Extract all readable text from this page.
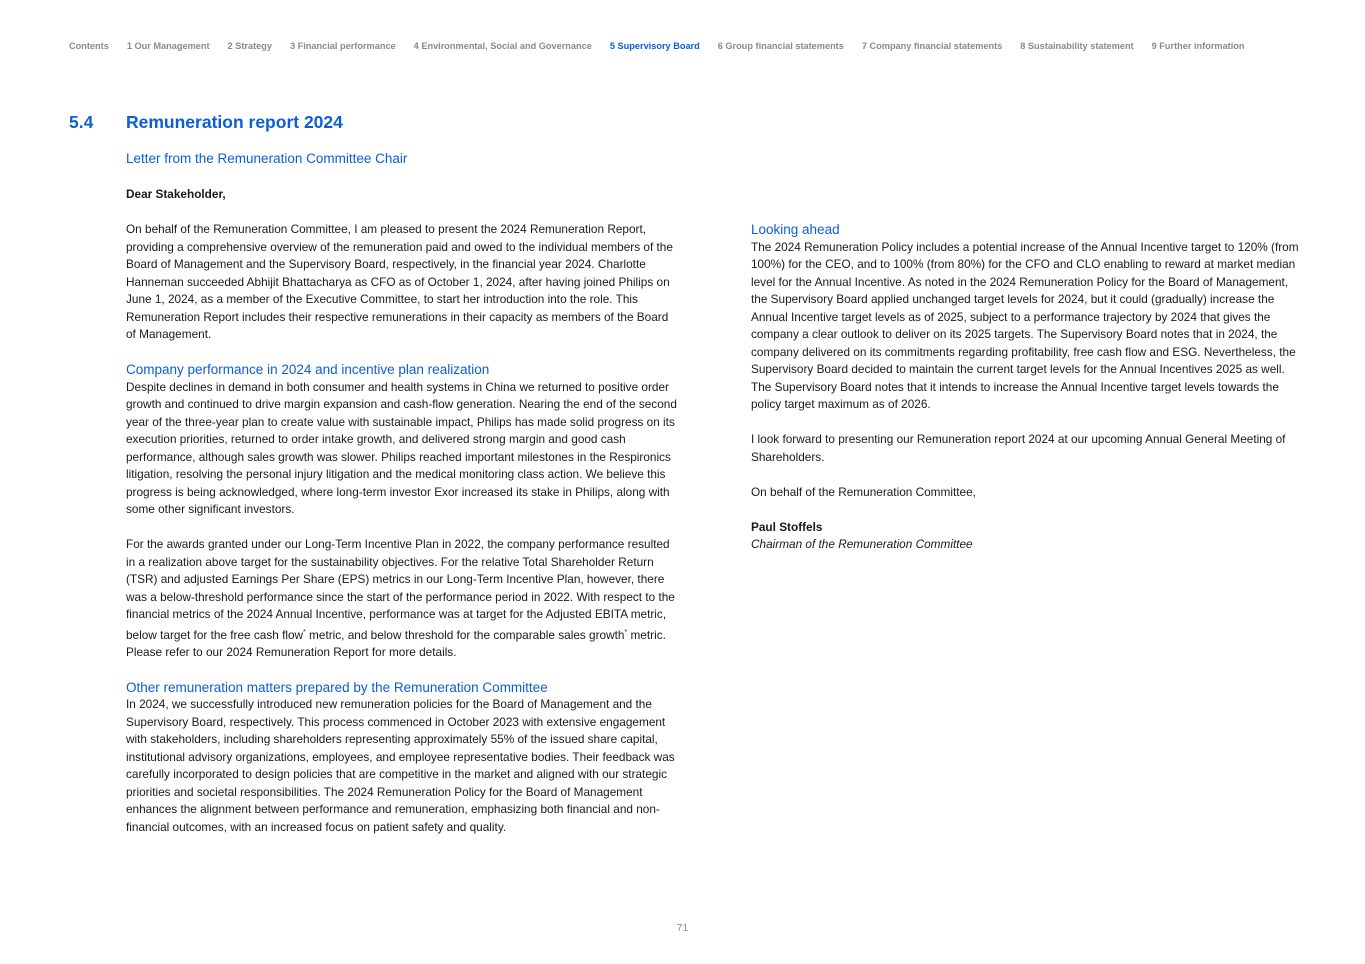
Contents 1 Our Management 2 Strategy 3 Financial performance 4 Environmental, Social and Governance 5 Supervisory Board 6 Group financial statements 7 Company financial statements 8 Sustainability statement 9 Further information
5.4	Remuneration report 2024
Letter from the Remuneration Committee Chair

Dear Stakeholder,

On behalf of the Remuneration Committee, I am pleased to present the 2024 Remuneration Report, providing a comprehensive overview of the remuneration paid and owed to the individual members of the Board of Management and the Supervisory Board, respectively, in the financial year 2024. Charlotte Hanneman succeeded Abhijit Bhattacharya as CFO as of October 1, 2024, after having joined Philips on June 1, 2024, as a member of the Executive Committee, to start her introduction into the role. This Remuneration Report includes their respective remunerations in their capacity as members of the Board of Management.

Company performance in 2024 and incentive plan realization

Despite declines in demand in both consumer and health systems in China we returned to positive order growth and continued to drive margin expansion and cash-flow generation. Nearing the end of the second year of the three-year plan to create value with sustainable impact, Philips has made solid progress on its execution priorities, returned to order intake growth, and delivered strong margin and good cash performance, although sales growth was slower. Philips reached important milestones in the Respironics litigation, resolving the personal injury litigation and the medical monitoring class action. We believe this progress is being acknowledged, where long-term investor Exor increased its stake in Philips, along with some other significant investors.

For the awards granted under our Long-Term Incentive Plan in 2022, the company performance resulted in a realization above target for the sustainability objectives. For the relative Total Shareholder Return (TSR) and adjusted Earnings Per Share (EPS) metrics in our Long-Term Incentive Plan, however, there was a below-threshold performance since the start of the performance period in 2022. With respect to the financial metrics of the 2024 Annual Incentive, performance was at target for the Adjusted EBITA metric, below target for the free cash flow* metric, and below threshold for the comparable sales growth* metric. Please refer to our 2024 Remuneration Report for more details.

Other remuneration matters prepared by the Remuneration Committee

In 2024, we successfully introduced new remuneration policies for the Board of Management and the Supervisory Board, respectively. This process commenced in October 2023 with extensive engagement with stakeholders, including shareholders representing approximately 55% of the issued share capital, institutional advisory organizations, employees, and employee representative bodies. Their feedback was carefully incorporated to design policies that are competitive in the market and aligned with our strategic priorities and societal responsibilities. The 2024 Remuneration Policy for the Board of Management enhances the alignment between performance and remuneration, emphasizing both financial and non-financial outcomes, with an increased focus on patient safety and quality.

Looking ahead

The 2024 Remuneration Policy includes a potential increase of the Annual Incentive target to 120% (from 100%) for the CEO, and to 100% (from 80%) for the CFO and CLO enabling to reward at market median level for the Annual Incentive. As noted in the 2024 Remuneration Policy for the Board of Management, the Supervisory Board applied unchanged target levels for 2024, but it could (gradually) increase the Annual Incentive target levels as of 2025, subject to a performance trajectory by 2024 that gives the company a clear outlook to deliver on its 2025 targets. The Supervisory Board notes that in 2024, the company delivered on its commitments regarding profitability, free cash flow and ESG. Nevertheless, the Supervisory Board decided to maintain the current target levels for the Annual Incentives 2025 as well. The Supervisory Board notes that it intends to increase the Annual Incentive target levels towards the policy target maximum as of 2026.

I look forward to presenting our Remuneration report 2024 at our upcoming Annual General Meeting of Shareholders.

On behalf of the Remuneration Committee,

Paul Stoffels
Chairman of the Remuneration Committee
71
